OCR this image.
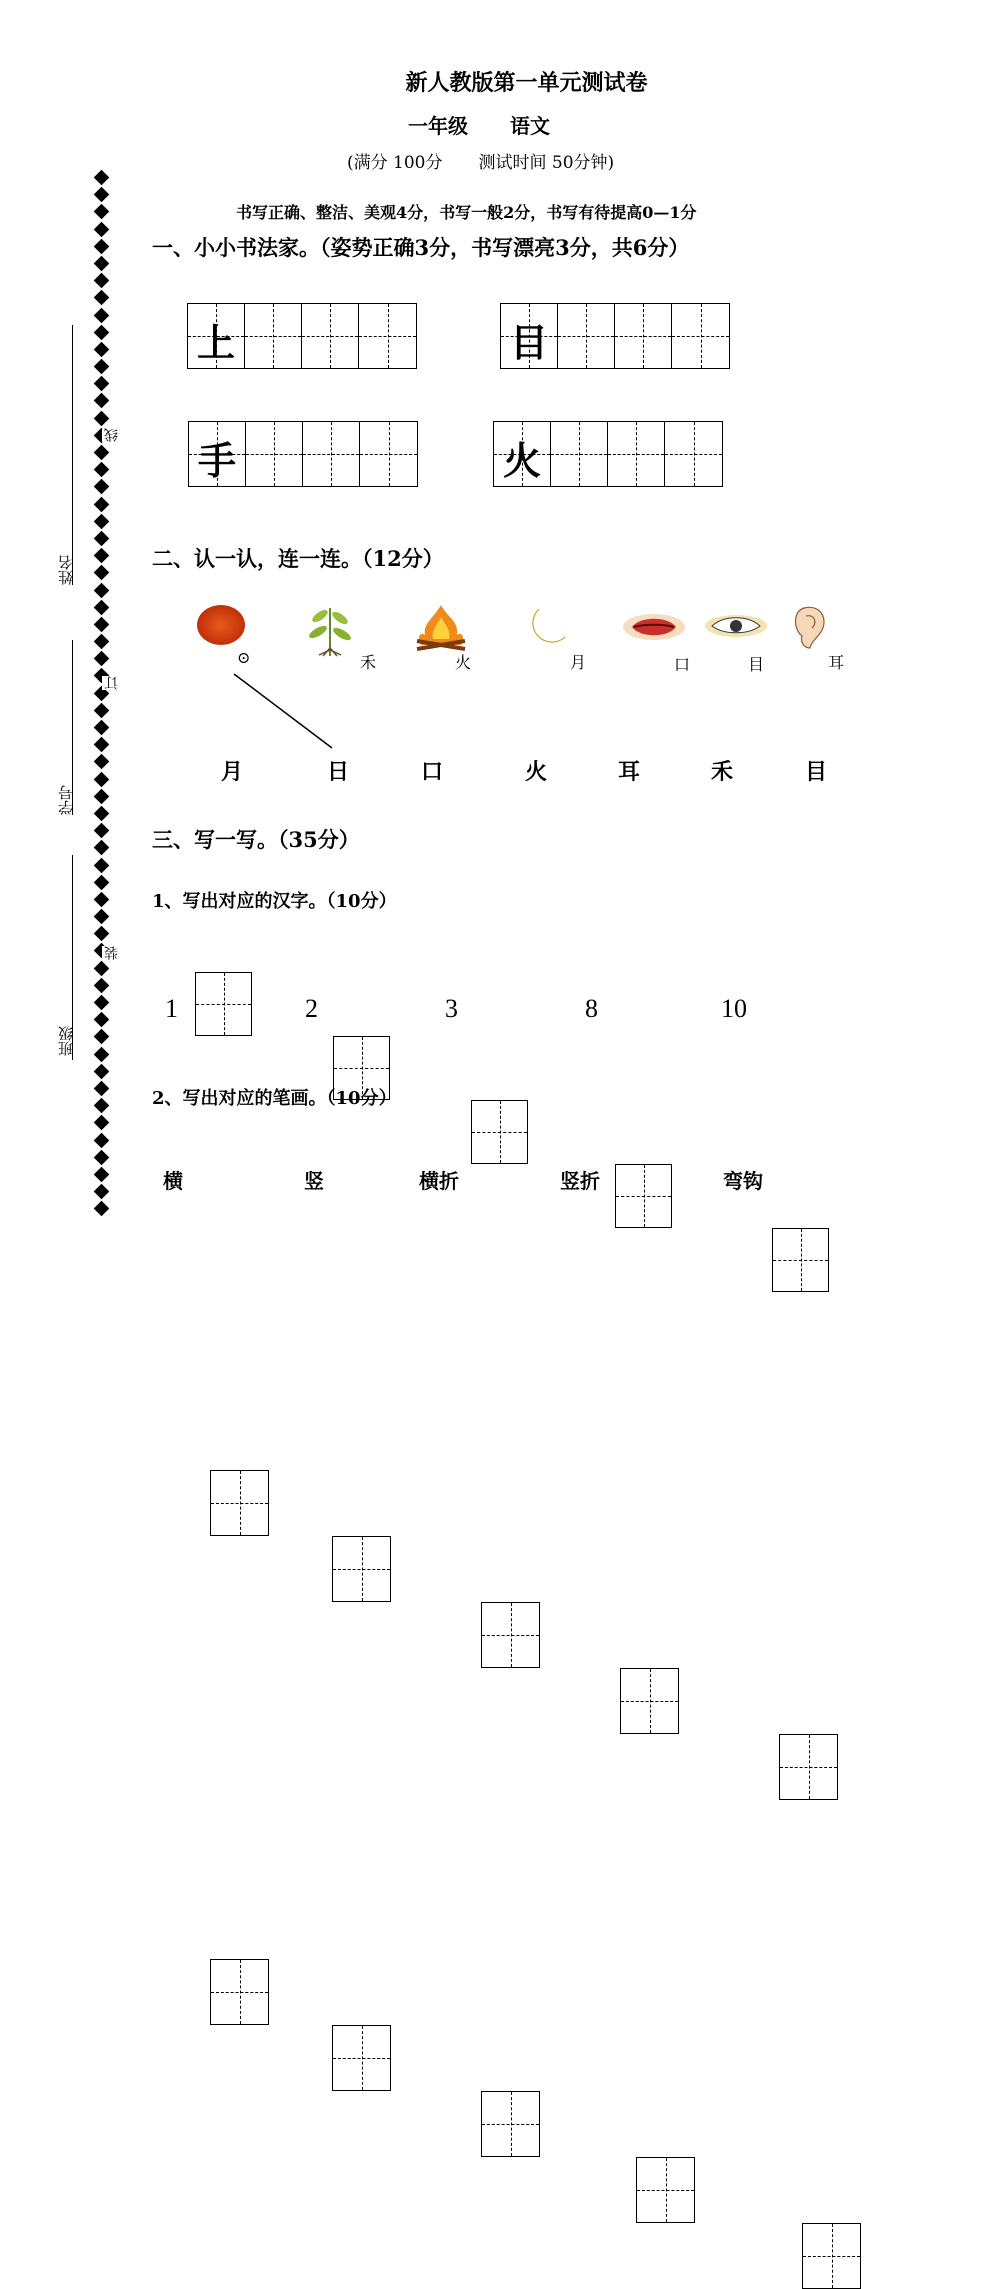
姓名
学号
班级
线
订
装
新人教版第一单元测试卷
一年级 语文
(满分 100分 测试时间 50分钟)
书写正确、整洁、美观4分，书写一般2分，书写有待提高0—1分
一、小小书法家。（姿势正确3分，书写漂亮3分，共6分）
上	目
手	火
二、认一认，连一连。（12分）
⊙	禾	火	月	口	目	耳
月	日	口	火	耳	禾	目
三、写一写。（35分）
1、写出对应的汉字。（10分）
1	2	3	8	10
2、写出对应的笔画。（10分）
横	竖	横折	竖折	弯钩
